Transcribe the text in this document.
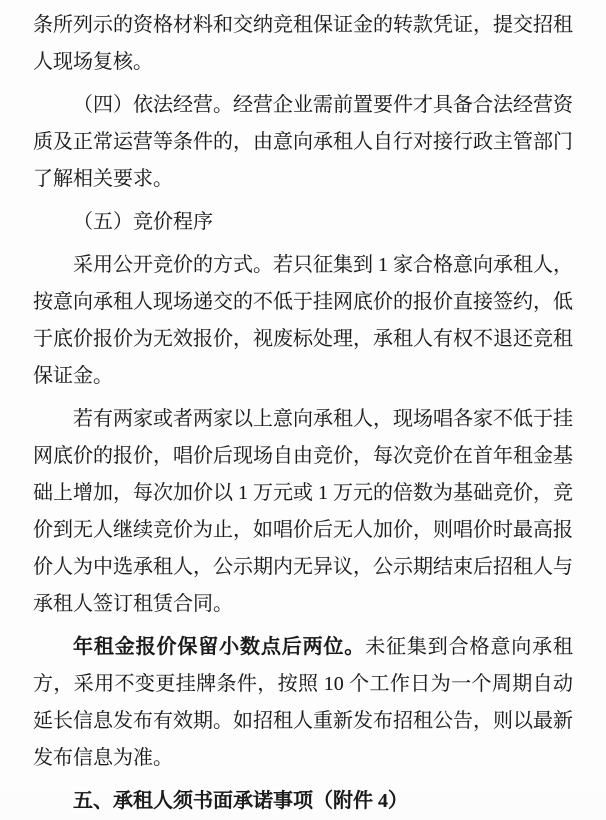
条所列示的资格材料和交纳竞租保证金的转款凭证，提交招租人现场复核。

（四）依法经营。经营企业需前置要件才具备合法经营资质及正常运营等条件的，由意向承租人自行对接行政主管部门了解相关要求。

（五）竞价程序

采用公开竞价的方式。若只征集到 1 家合格意向承租人，按意向承租人现场递交的不低于挂网底价的报价直接签约，低于底价报价为无效报价，视废标处理，承租人有权不退还竞租保证金。

若有两家或者两家以上意向承租人，现场唱各家不低于挂网底价的报价，唱价后现场自由竞价，每次竞价在首年租金基础上增加，每次加价以 1 万元或 1 万元的倍数为基础竞价，竞价到无人继续竞价为止，如唱价后无人加价，则唱价时最高报价人为中选承租人，公示期内无异议，公示期结束后招租人与承租人签订租赁合同。

年租金报价保留小数点后两位。未征集到合格意向承租方，采用不变更挂牌条件，按照 10 个工作日为一个周期自动延长信息发布有效期。如招租人重新发布招租公告，则以最新发布信息为准。

五、承租人须书面承诺事项（附件 4）
